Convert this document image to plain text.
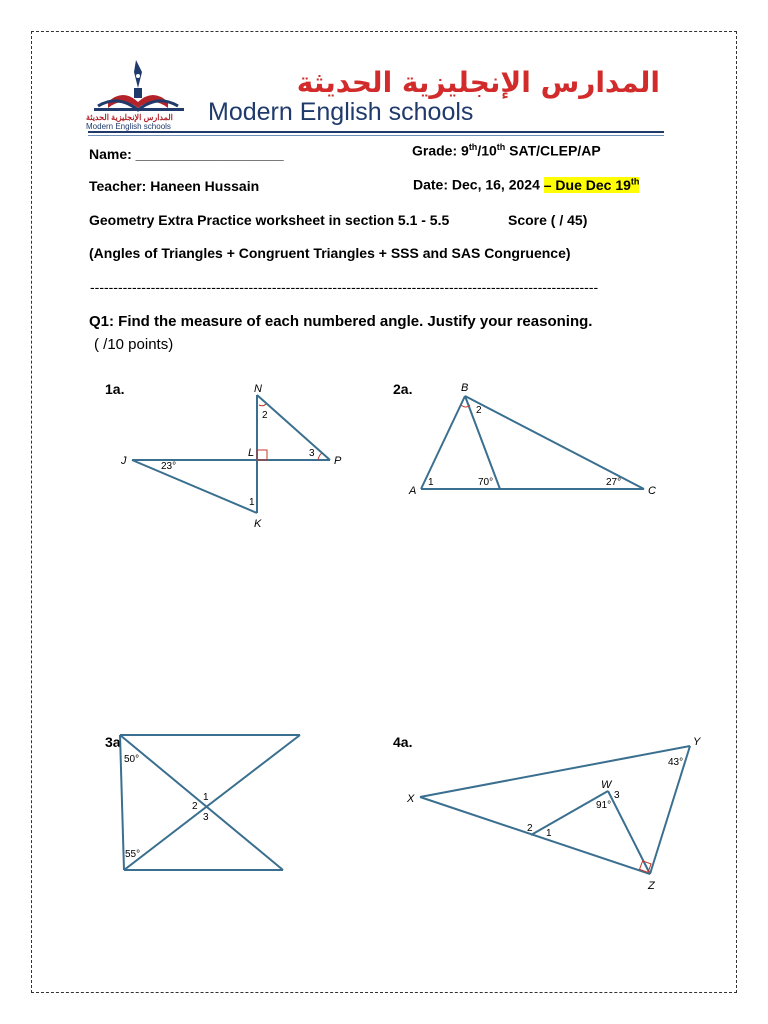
المدارس الإنجليزية الحديثة
Modern English schools
المدارس الإنجليزية الحديثة
Modern English schools
Name: ___________________	Grade: 9th/10th SAT/CLEP/AP
Teacher: Haneen Hussain	Date: Dec, 16, 2024 – Due Dec 19th
Geometry Extra Practice worksheet in section 5.1 - 5.5	Score ( / 45)
(Angles of Triangles + Congruent Triangles + SSS and SAS Congruence)
-------------------------------------------------------------------------------------------------------------
Q1: Find the measure of each numbered angle. Justify your reasoning.
( /10 points)
1a.	2a.
3a	4a.
N
J
L
P
K
2
3
1
23°
B
A	C
1
2
70°	27°
50°
55°
1
2
3
X
Y
W
Z
43°
91°
3
2 1
